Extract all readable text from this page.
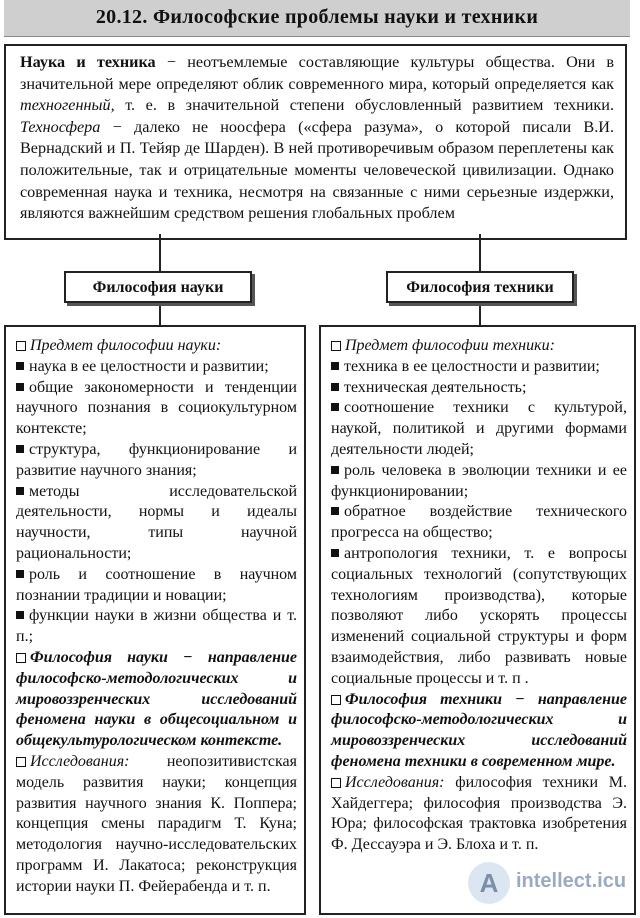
20.12. Философские проблемы науки и техники
Наука и техника − неотъемлемые составляющие культуры общества. Они в значительной мере определяют облик современного мира, который определяется как техногенный, т. е. в значительной степени обусловленный развитием техники. Техносфера − далеко не ноосфера («сфера разума», о которой писали В.И. Вернадский и П. Тейяр де Шарден). В ней противоречивым образом переплетены как положительные, так и отрицательные моменты человеческой цивилизации. Однако современная наука и техника, несмотря на связанные с ними серьезные издержки, являются важнейшим средством решения глобальных проблем
Философия науки	Философия техники

Предмет философии науки:

наука в ее целостности и развитии;

общие закономерности и тенденции научного познания в социокультурном контексте;

структура, функционирование и развитие научного знания;

методы исследовательской деятельности, нормы и идеалы научности, типы научной рациональности;

роль и соотношение в научном познании традиции и новации;

функции науки в жизни общества и т. п.;

Философия науки − направление философско-методологических и мировоззренческих исследований феномена науки в общесоциальном и общекультурологическом контексте.

Исследования: неопозитивистская модель развития науки; концепция развития научного знания К. Поппера; концепция смены парадигм Т. Куна; методология научно-исследовательских программ И. Лакатоса; реконструкция истории науки П. Фейерабенда и т. п.

Предмет философии техники:

техника в ее целостности и развитии;

техническая деятельность;

соотношение техники с культурой, наукой, политикой и другими формами деятельности людей;

роль человека в эволюции техники и ее функционировании;

обратное воздействие технического прогресса на общество;

антропология техники, т. е вопросы социальных технологий (сопутствующих технологиям производства), которые позволяют либо ускорять процессы изменений социальной структуры и форм взаимодействия, либо развивать новые социальные процессы и т. п .

Философия техники − направление философско-методологических и мировоззренческих исследований феномена техники в современном мире.

Исследования: философия техники М. Хайдеггера; философия производства Э. Юра; философская трактовка изобретения Ф. Дессауэра и Э. Блоха и т. п.

A intellect.icu
